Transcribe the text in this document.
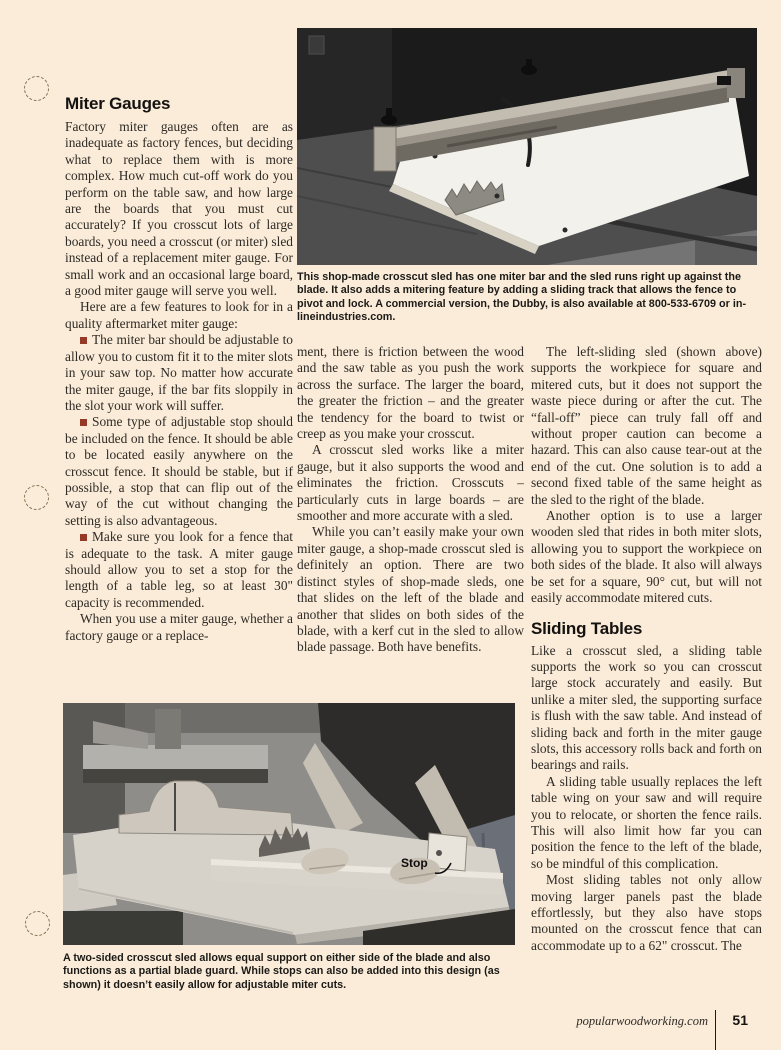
Miter Gauges

Factory miter gauges often are as inadequate as factory fences, but deciding what to replace them with is more complex. How much cut-off work do you perform on the table saw, and how large are the boards that you must cut accurately? If you crosscut lots of large boards, you need a crosscut (or miter) sled instead of a replacement miter gauge. For small work and an occasional large board, a good miter gauge will serve you well.

Here are a few features to look for in a quality aftermarket miter gauge:

The miter bar should be adjustable to allow you to custom fit it to the miter slots in your saw top. No matter how accurate the miter gauge, if the bar fits sloppily in the slot your work will suffer.

Some type of adjustable stop should be included on the fence. It should be able to be located easily anywhere on the crosscut fence. It should be stable, but if possible, a stop that can flip out of the way of the cut without changing the setting is also advantageous.

Make sure you look for a fence that is adequate to the task. A miter gauge should allow you to set a stop for the length of a table leg, so at least 30" capacity is recommended.

When you use a miter gauge, whether a factory gauge or a replace-

This shop-made crosscut sled has one miter bar and the sled runs right up against the blade. It also adds a mitering feature by adding a sliding track that allows the fence to pivot and lock. A commercial version, the Dubby, is also available at 800-533-6709 or in-lineindustries.com.

ment, there is friction between the wood and the saw table as you push the work across the surface. The larger the board, the greater the friction – and the greater the tendency for the board to twist or creep as you make your crosscut.

A crosscut sled works like a miter gauge, but it also supports the wood and eliminates the friction. Crosscuts – particularly cuts in large boards – are smoother and more accurate with a sled.

While you can’t easily make your own miter gauge, a shop-made crosscut sled is definitely an option. There are two distinct styles of shop-made sleds, one that slides on the left of the blade and another that slides on both sides of the blade, with a kerf cut in the sled to allow blade passage. Both have benefits.

The left-sliding sled (shown above) supports the workpiece for square and mitered cuts, but it does not support the waste piece during or after the cut. The “fall-off” piece can truly fall off and without proper caution can become a hazard. This can also cause tear-out at the end of the cut. One solution is to add a second fixed table of the same height as the sled to the right of the blade.

Another option is to use a larger wooden sled that rides in both miter slots, allowing you to support the workpiece on both sides of the blade. It also will always be set for a square, 90° cut, but will not easily accommodate mitered cuts.

Sliding Tables

Like a crosscut sled, a sliding table supports the work so you can crosscut large stock accurately and easily. But unlike a miter sled, the supporting surface is flush with the saw table. And instead of sliding back and forth in the miter gauge slots, this accessory rolls back and forth on bearings and rails.

A sliding table usually replaces the left table wing on your saw and will require you to relocate, or shorten the fence rails. This will also limit how far you can position the fence to the left of the blade, so be mindful of this complication.

Most sliding tables not only allow moving larger panels past the blade effortlessly, but they also have stops mounted on the crosscut fence that can accommodate up to a 62" crosscut. The

A two-sided crosscut sled allows equal support on either side of the blade and also functions as a partial blade guard. While stops can also be added into this design (as shown) it doesn’t easily allow for adjustable miter cuts.
popularwoodworking.com 51
